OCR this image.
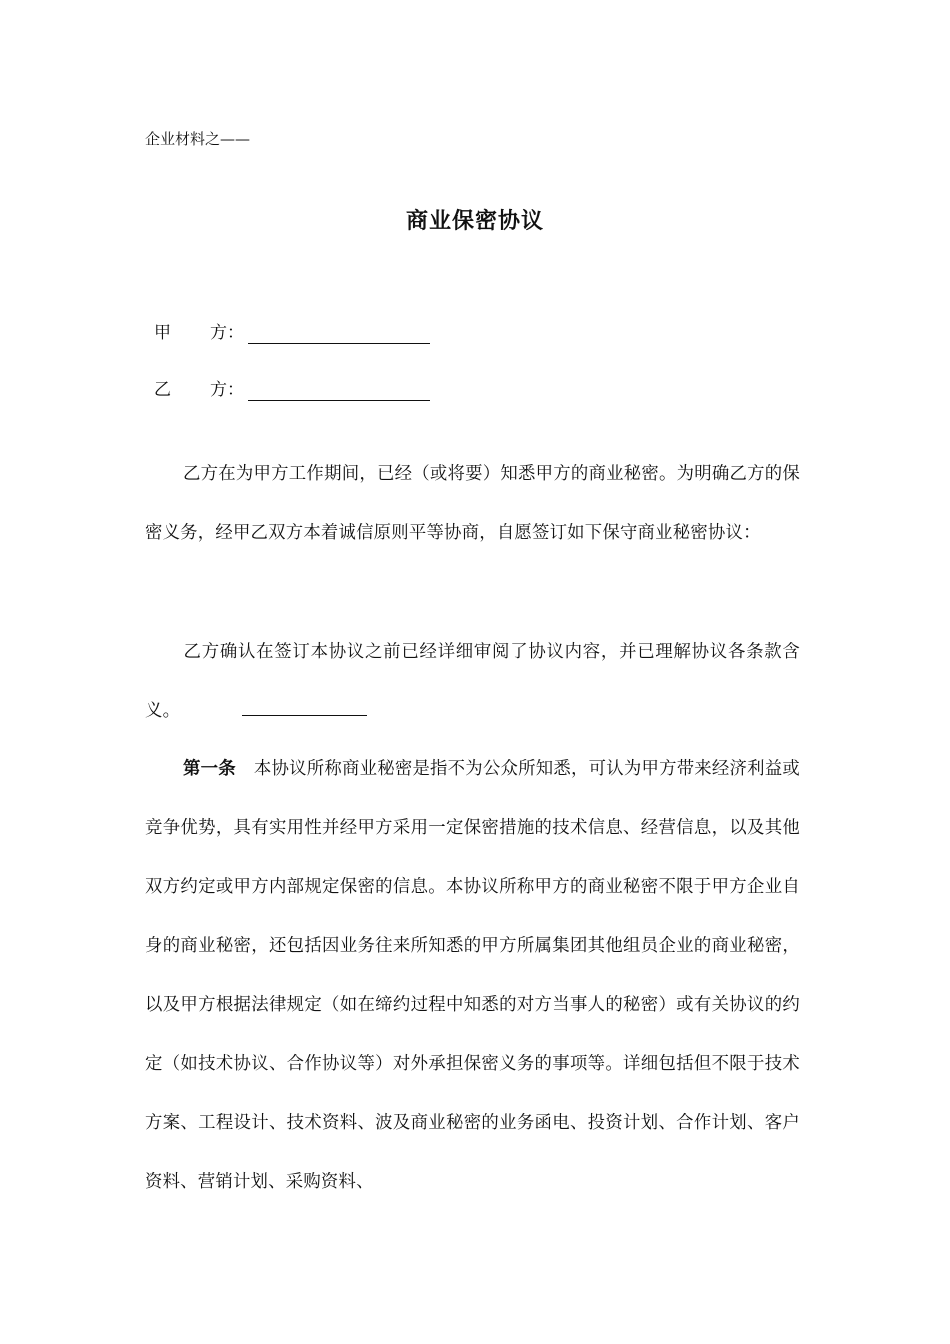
企业材料之——
商业保密协议
甲	方：
乙	方：
乙方在为甲方工作期间，已经（或将要）知悉甲方的商业秘密。为明确乙方的保密义务，经甲乙双方本着诚信原则平等协商，自愿签订如下保守商业秘密协议：
乙方确认在签订本协议之前已经详细审阅了协议内容，并已理解协议各条款含义。
第一条 本协议所称商业秘密是指不为公众所知悉，可认为甲方带来经济利益或竞争优势，具有实用性并经甲方采用一定保密措施的技术信息、经营信息，以及其他双方约定或甲方内部规定保密的信息。本协议所称甲方的商业秘密不限于甲方企业自身的商业秘密，还包括因业务往来所知悉的甲方所属集团其他组员企业的商业秘密，以及甲方根据法律规定（如在缔约过程中知悉的对方当事人的秘密）或有关协议的约定（如技术协议、合作协议等）对外承担保密义务的事项等。详细包括但不限于技术方案、工程设计、技术资料、波及商业秘密的业务函电、投资计划、合作计划、客户资料、营销计划、采购资料、
